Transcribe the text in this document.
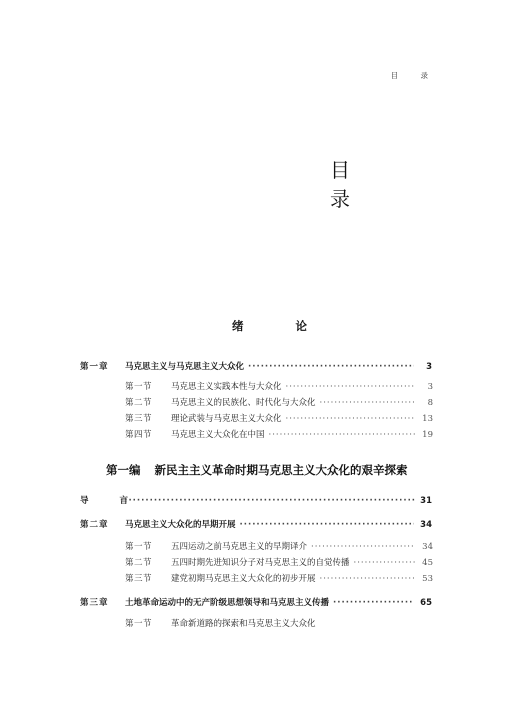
目 录
目 录
绪 论
第一章	马克思主义与马克思主义大众化 ·····	3
第一节	马克思主义实践本性与大众化 ·····	3
第二节	马克思主义的民族化、时代化与大众化 ·····	8
第三节	理论武装与马克思主义大众化 ·····	13
第四节	马克思主义大众化在中国 ·····	19
第一编 新民主主义革命时期马克思主义大众化的艰辛探索
导 言 ·····	31
第二章	马克思主义大众化的早期开展 ·····	34
第一节	五四运动之前马克思主义的早期译介 ·····	34
第二节	五四时期先进知识分子对马克思主义的自觉传播 ·····	45
第三节	建党初期马克思主义大众化的初步开展 ·····	53
第三章	土地革命运动中的无产阶级思想领导和马克思主义传播 ·····	65
第一节	革命新道路的探索和马克思主义大众化
